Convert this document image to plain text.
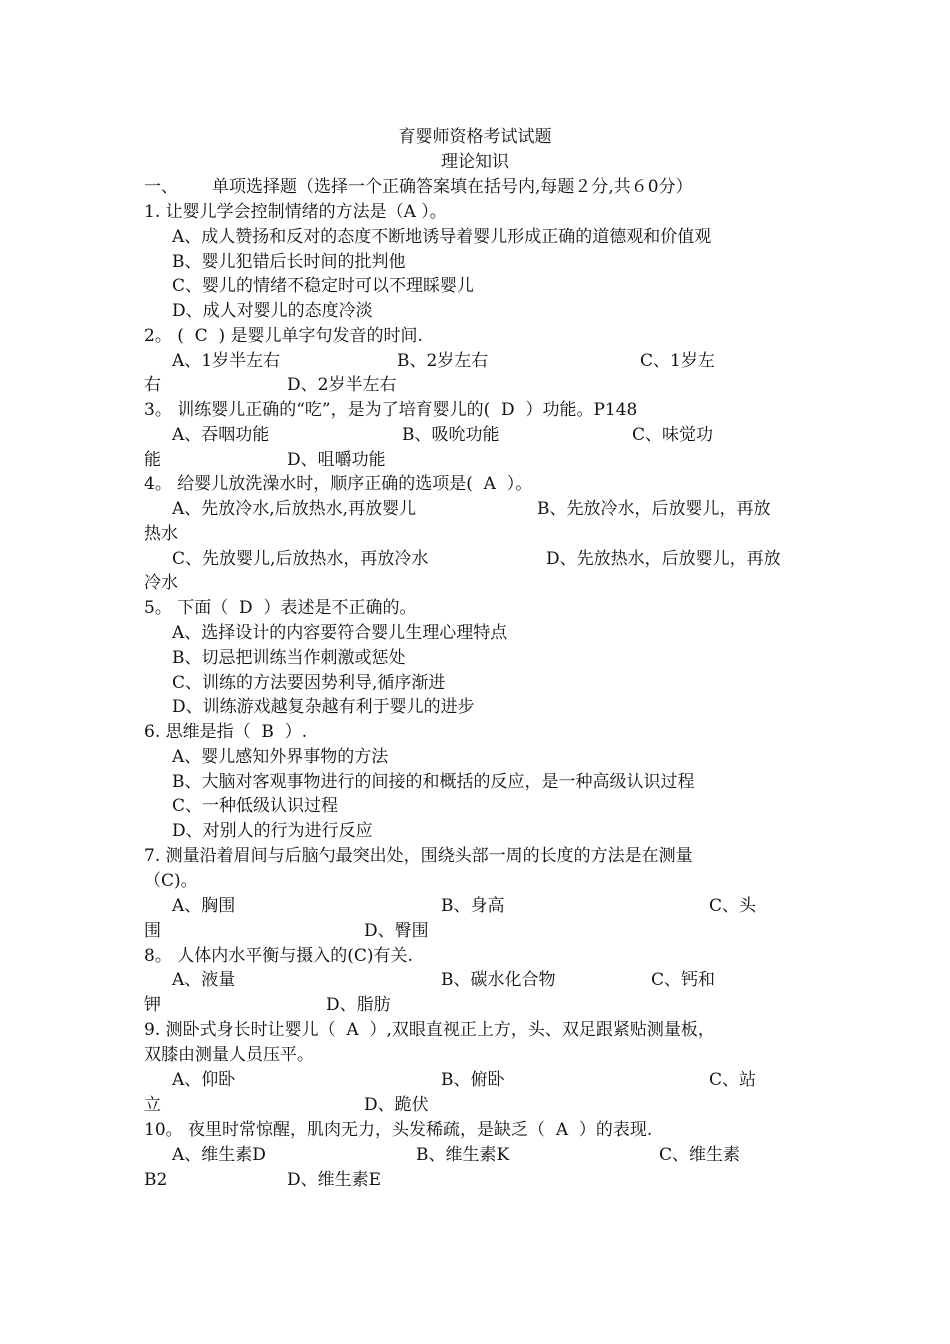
育婴师资格考试试题
理论知识
一、 单项选择题（选择一个正确答案填在括号内,每题２分,共６0分）
1. 让婴儿学会控制情绪的方法是（A ）。
A、成人赞扬和反对的态度不断地诱导着婴儿形成正确的道德观和价值观
B、婴儿犯错后长时间的批判他
C、婴儿的情绪不稳定时可以不理睬婴儿
D、成人对婴儿的态度冷淡
2。 (  C  ) 是婴儿单字句发音的时间.
A、1岁半左右	B、2岁左右	C、1岁左
右	D、2岁半左右
3。 训练婴儿正确的“吃”，是为了培育婴儿的(  D  ）功能。P148
A、吞咽功能	B、吸吮功能	C、味觉功
能	D、咀嚼功能
4。 给婴儿放洗澡水时，顺序正确的选项是(  A  ）。
A、先放冷水,后放热水,再放婴儿	B、先放冷水，后放婴儿，再放
热水
C、先放婴儿,后放热水，再放冷水	D、先放热水，后放婴儿，再放
冷水
5。 下面（  D  ）表述是不正确的。
A、选择设计的内容要符合婴儿生理心理特点
B、切忌把训练当作刺激或惩处
C、训练的方法要因势利导,循序渐进
D、训练游戏越复杂越有利于婴儿的进步
6. 思维是指（  B  ）.
A、婴儿感知外界事物的方法
B、大脑对客观事物进行的间接的和概括的反应，是一种高级认识过程
C、一种低级认识过程
D、对别人的行为进行反应
7. 测量沿着眉间与后脑勺最突出处，围绕头部一周的长度的方法是在测量
（C)。
A、胸围	B、身高	C、头
围	D、臀围
8。 人体内水平衡与摄入的(C)有关.
A、液量	B、碳水化合物	C、钙和
钾	D、脂肪
9. 测卧式身长时让婴儿（  A  ）,双眼直视正上方，头、双足跟紧贴测量板，
双膝由测量人员压平。
A、仰卧	B、俯卧	C、站
立	D、跪伏
10。 夜里时常惊醒，肌肉无力，头发稀疏，是缺乏（  A  ）的表现.
A、维生素D	B、维生素K	C、维生素
B2	D、维生素E
